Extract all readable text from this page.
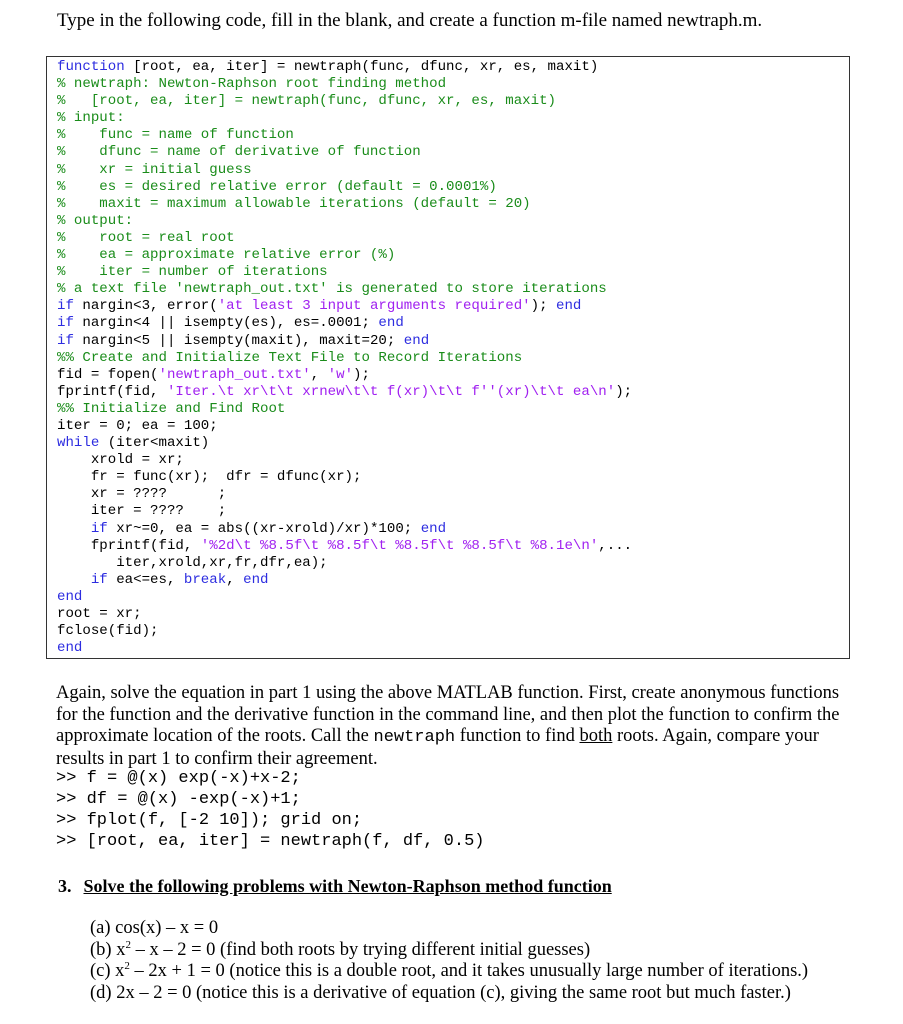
Type in the following code, fill in the blank, and create a function m-file named newtraph.m.
function [root, ea, iter] = newtraph(func, dfunc, xr, es, maxit)
% newtraph: Newton-Raphson root finding method
%   [root, ea, iter] = newtraph(func, dfunc, xr, es, maxit)
% input:
%    func = name of function
%    dfunc = name of derivative of function
%    xr = initial guess
%    es = desired relative error (default = 0.0001%)
%    maxit = maximum allowable iterations (default = 20)
% output:
%    root = real root
%    ea = approximate relative error (%)
%    iter = number of iterations
% a text file 'newtraph_out.txt' is generated to store iterations
if nargin<3, error('at least 3 input arguments required'); end
if nargin<4 || isempty(es), es=.0001; end
if nargin<5 || isempty(maxit), maxit=20; end
%% Create and Initialize Text File to Record Iterations
fid = fopen('newtraph_out.txt', 'w');
fprintf(fid, 'Iter.\t xr\t\t xrnew\t\t f(xr)\t\t f''(xr)\t\t ea\n');
%% Initialize and Find Root
iter = 0; ea = 100;
while (iter<maxit)
xrold = xr;
fr = func(xr);  dfr = dfunc(xr);
xr = ????      ;
iter = ????    ;
if xr~=0, ea = abs((xr-xrold)/xr)*100; end
fprintf(fid, '%2d\t %8.5f\t %8.5f\t %8.5f\t %8.5f\t %8.1e\n',...
iter,xrold,xr,fr,dfr,ea);
if ea<=es, break, end
end
root = xr;
fclose(fid);
end
Again, solve the equation in part 1 using the above MATLAB function. First, create anonymous functions for the function and the derivative function in the command line, and then plot the function to confirm the approximate location of the roots. Call the newtraph function to find both roots. Again, compare your results in part 1 to confirm their agreement.
>> f = @(x) exp(-x)+x-2;
>> df = @(x) -exp(-x)+1;
>> fplot(f, [-2 10]); grid on;
>> [root, ea, iter] = newtraph(f, df, 0.5)
3. Solve the following problems with Newton-Raphson method function
(a) cos(x) – x = 0
(b) $x^2 - x - 2 = 0$ (find both roots by trying different initial guesses)
(c) $x^2 - 2x + 1 = 0$ (notice this is a double root, and it takes unusually large number of iterations.)
(d) 2x – 2 = 0 (notice this is a derivative of equation (c), giving the same root but much faster.)
